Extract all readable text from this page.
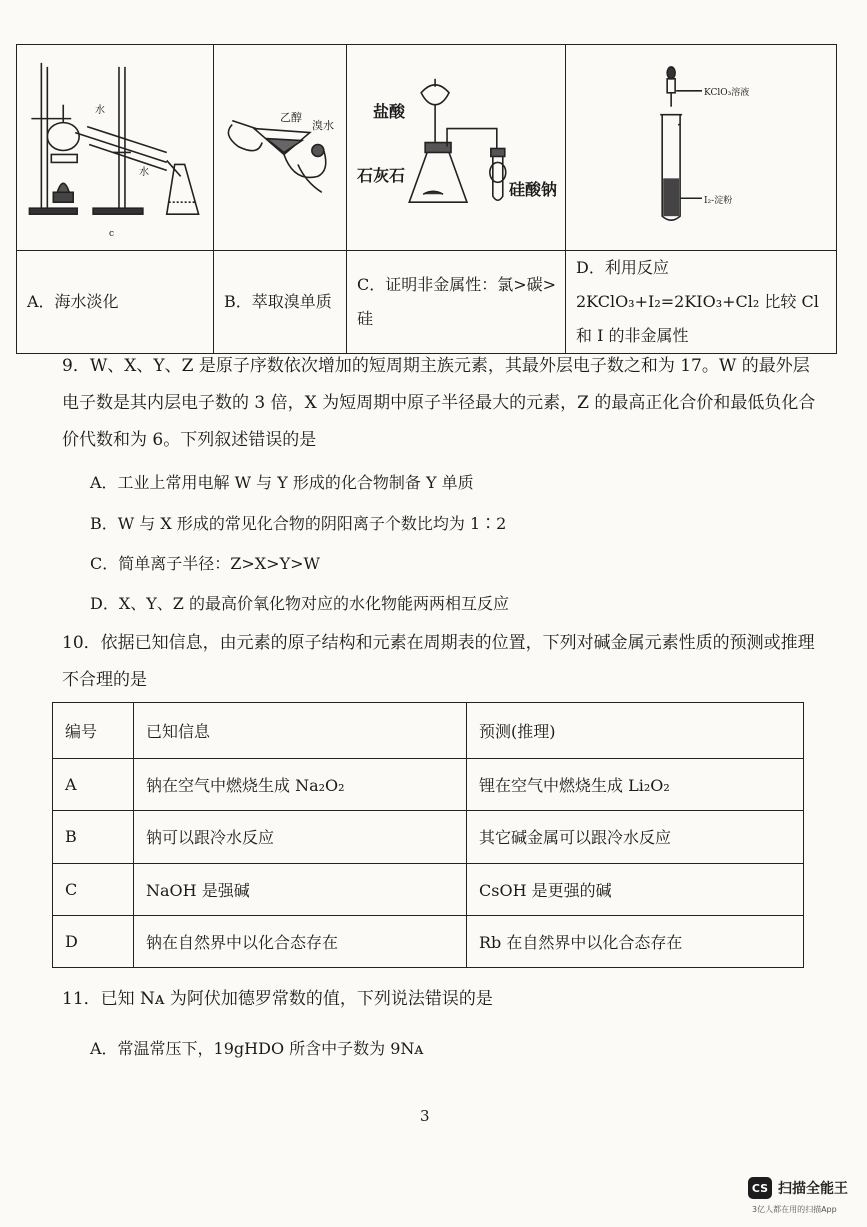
水
水
c	乙醇
溴水	盐酸
石灰石
硅酸钠	KClO₃溶液
I₂-淀粉

A．海水淡化	B．萃取溴单质	C．证明非金属性：氯>碳>硅	D．利用反应 2KClO₃+I₂=2KIO₃+Cl₂ 比较 Cl 和 I 的非金属性
9．W、X、Y、Z 是原子序数依次增加的短周期主族元素，其最外层电子数之和为 17。W 的最外层电子数是其内层电子数的 3 倍，X 为短周期中原子半径最大的元素，Z 的最高正化合价和最低负化合价代数和为 6。下列叙述错误的是
A．工业上常用电解 W 与 Y 形成的化合物制备 Y 单质
B．W 与 X 形成的常见化合物的阴阳离子个数比均为 1∶2
C．简单离子半径：Z>X>Y>W
D．X、Y、Z 的最高价氧化物对应的水化物能两两相互反应
10．依据已知信息，由元素的原子结构和元素在周期表的位置，下列对碱金属元素性质的预测或推理不合理的是
编号	已知信息	预测(推理)
A	钠在空气中燃烧生成 Na₂O₂	锂在空气中燃烧生成 Li₂O₂
B	钠可以跟冷水反应	其它碱金属可以跟冷水反应
C	NaOH 是强碱	CsOH 是更强的碱
D	钠在自然界中以化合态存在	Rb 在自然界中以化合态存在
11．已知 Nᴀ 为阿伏加德罗常数的值，下列说法错误的是
A．常温常压下，19gHDO 所含中子数为 9Nᴀ
3
CS 扫描全能王
3亿人都在用的扫描App
